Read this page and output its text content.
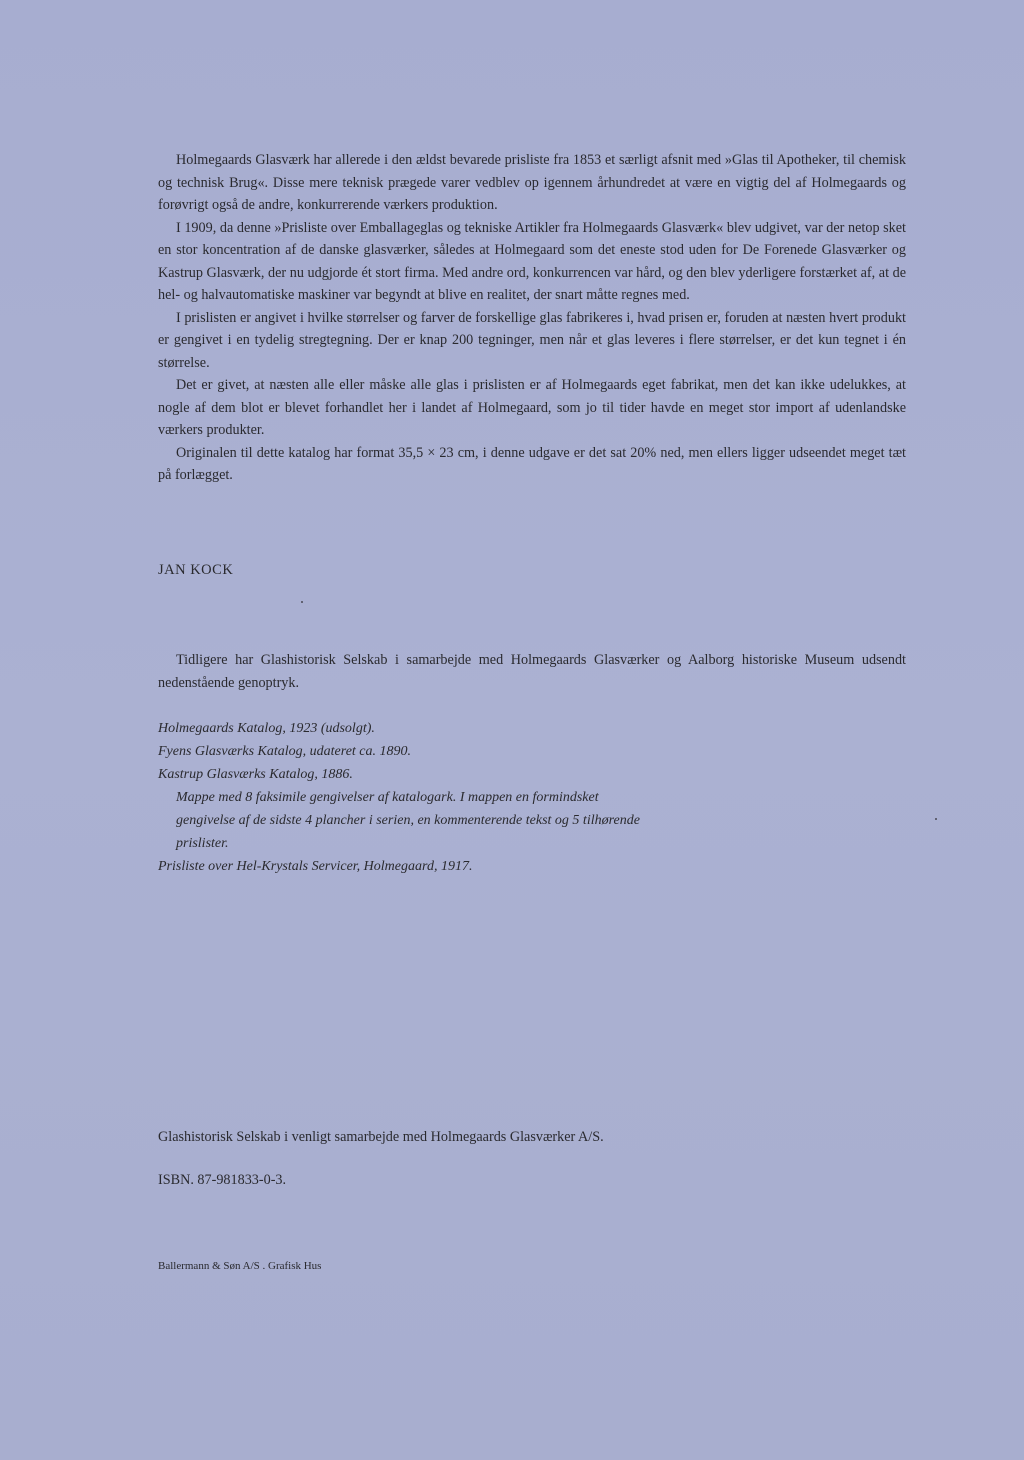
Holmegaards Glasværk har allerede i den ældst bevarede prisliste fra 1853 et særligt afsnit med »Glas til Apotheker, til chemisk og technisk Brug«. Disse mere teknisk prægede varer vedblev op igennem århundredet at være en vigtig del af Holmegaards og forøvrigt også de andre, konkurrerende værkers produktion.

I 1909, da denne »Prisliste over Emballageglas og tekniske Artikler fra Holmegaards Glasværk« blev udgivet, var der netop sket en stor koncentration af de danske glasværker, således at Holmegaard som det eneste stod uden for De Forenede Glasværker og Kastrup Glasværk, der nu udgjorde ét stort firma. Med andre ord, konkurrencen var hård, og den blev yderligere forstærket af, at de hel- og halvautomatiske maskiner var begyndt at blive en realitet, der snart måtte regnes med.

I prislisten er angivet i hvilke størrelser og farver de forskellige glas fabrikeres i, hvad prisen er, foruden at næsten hvert produkt er gengivet i en tydelig stregtegning. Der er knap 200 tegninger, men når et glas leveres i flere størrelser, er det kun tegnet i én størrelse.

Det er givet, at næsten alle eller måske alle glas i prislisten er af Holmegaards eget fabrikat, men det kan ikke udelukkes, at nogle af dem blot er blevet forhandlet her i landet af Holmegaard, som jo til tider havde en meget stor import af udenlandske værkers produkter.

Originalen til dette katalog har format 35,5 × 23 cm, i denne udgave er det sat 20% ned, men ellers ligger udseendet meget tæt på forlægget.

JAN KOCK

Tidligere har Glashistorisk Selskab i samarbejde med Holmegaards Glasværker og Aalborg historiske Museum udsendt nedenstående genoptryk.

Holmegaards Katalog, 1923 (udsolgt).
Fyens Glasværks Katalog, udateret ca. 1890.
Kastrup Glasværks Katalog, 1886.
Mappe med 8 faksimile gengivelser af katalogark. I mappen en formindsket gengivelse af de sidste 4 plancher i serien, en kommenterende tekst og 5 tilhørende prislister.
Prisliste over Hel-Krystals Servicer, Holmegaard, 1917.
Glashistorisk Selskab i venligt samarbejde med Holmegaards Glasværker A/S.
ISBN. 87-981833-0-3.
Ballermann & Søn A/S . Grafisk Hus
